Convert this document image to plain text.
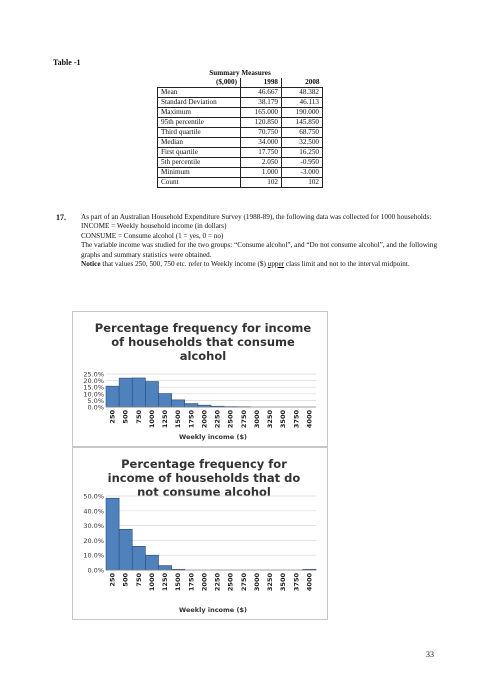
Table -1
Summary Measures		
($,000)	1998	2008
Mean	46.667	48.382
Standard Deviation	38.179	46.113
Maximum	165.000	190.000
95th percentile	120.850	145.850
Third quartile	70.750	68.750
Median	34.000	32.500
First quartile	17.750	16.250
5th percentile	2.050	-0.950
Minimum	1.000	-3.000
Count	102	102
17. As part of an Australian Household Expenditure Survey (1988-89), the following data was collected for 1000 households:

INCOME = Weekly household income (in dollars)

CONSUME = Consume alcohol (1 = yes, 0 = no)

The variable income was studied for the two groups: “Consume alcohol”, and “Do not consume alcohol”, and the following graphs and summary statistics were obtained.

Notice that values 250, 500, 750 etc. refer to Weekly income ($) upper class limit and not to the interval midpoint.

Percentage frequency for income of households that consume alcohol
0.0%
5.0%
10.0%
15.0%
20.0%
25.0%
250 500 750 1000 1250 1500 1750 2000 2250 2500 2750 3000 3250 3500 3750 4000
Weekly income ($)
Percentage frequency for income of households that do not consume alcohol
0.0%
10.0%
20.0%
30.0%
40.0%
50.0%
250 500 750 1000 1250 1500 1750 2000 2250 2500 2750 3000 3250 3500 3750 4000
Weekly income ($)
33
